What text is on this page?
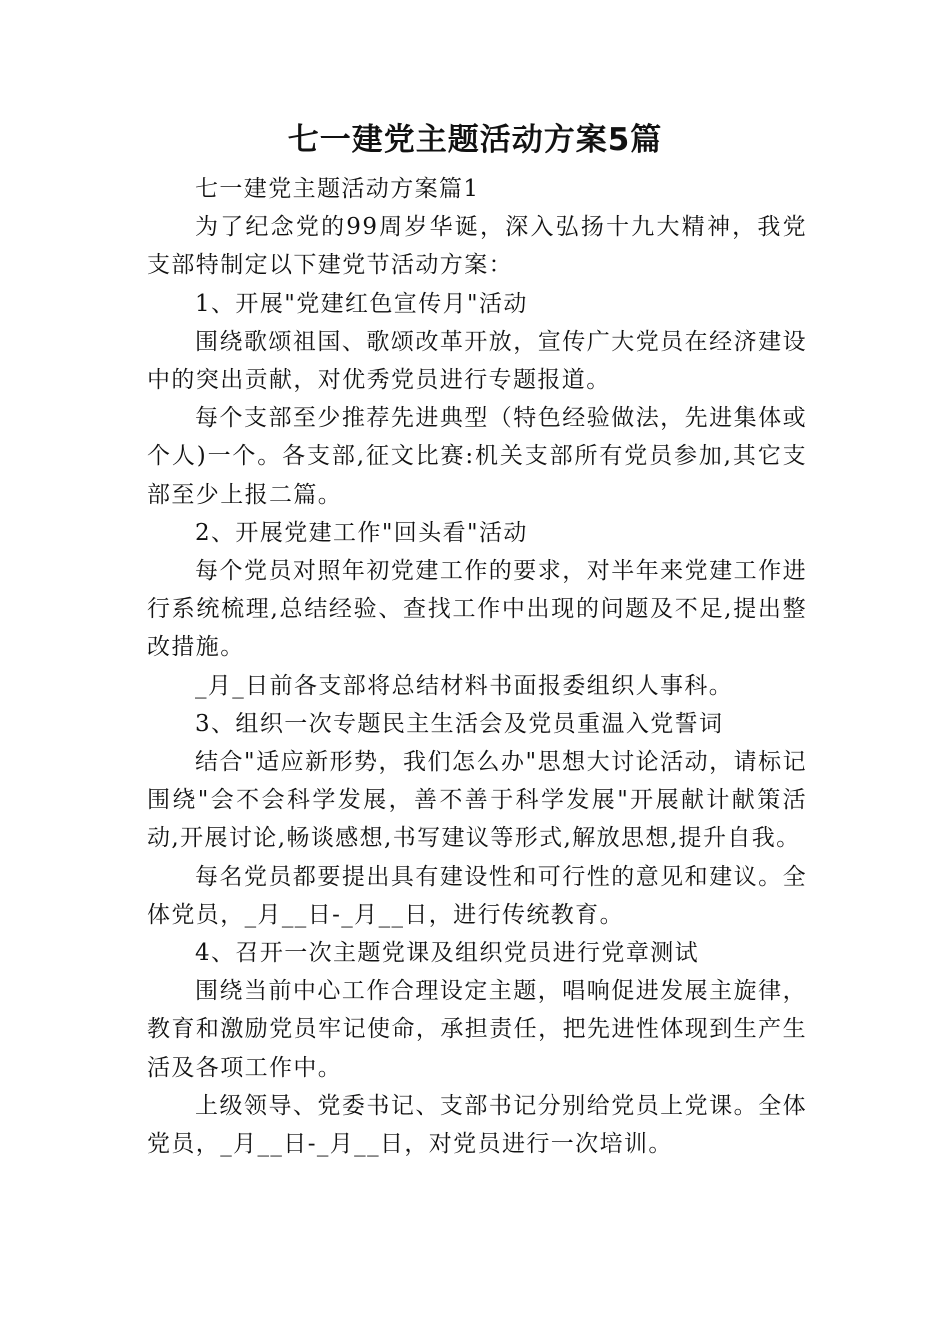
七一建党主题活动方案5篇

七一建党主题活动方案篇1

为了纪念党的99周岁华诞，深入弘扬十九大精神，我党支部特制定以下建党节活动方案：

1、开展"党建红色宣传月"活动

围绕歌颂祖国、歌颂改革开放，宣传广大党员在经济建设中的突出贡献，对优秀党员进行专题报道。

每个支部至少推荐先进典型（特色经验做法，先进集体或个人)一个。各支部,征文比赛:机关支部所有党员参加,其它支部至少上报二篇。

2、开展党建工作"回头看"活动

每个党员对照年初党建工作的要求，对半年来党建工作进行系统梳理,总结经验、查找工作中出现的问题及不足,提出整改措施。

_月_日前各支部将总结材料书面报委组织人事科。

3、组织一次专题民主生活会及党员重温入党誓词

结合"适应新形势，我们怎么办"思想大讨论活动，请标记围绕"会不会科学发展，善不善于科学发展"开展献计献策活动,开展讨论,畅谈感想,书写建议等形式,解放思想,提升自我。

每名党员都要提出具有建设性和可行性的意见和建议。全体党员，_月__日-_月__日，进行传统教育。

4、召开一次主题党课及组织党员进行党章测试

围绕当前中心工作合理设定主题，唱响促进发展主旋律，教育和激励党员牢记使命，承担责任，把先进性体现到生产生活及各项工作中。

上级领导、党委书记、支部书记分别给党员上党课。全体党员，_月__日-_月__日，对党员进行一次培训。
